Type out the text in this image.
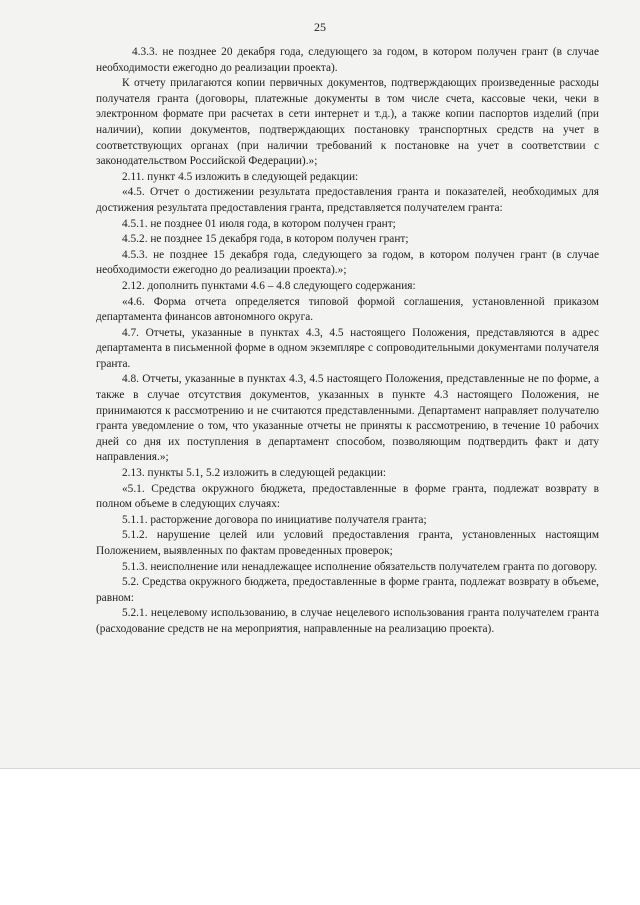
25

4.3.3. не позднее 20 декабря года, следующего за годом, в котором получен грант (в случае необходимости ежегодно до реализации проекта).

К отчету прилагаются копии первичных документов, подтверждающих произведенные расходы получателя гранта (договоры, платежные документы в том числе счета, кассовые чеки, чеки в электронном формате при расчетах в сети интернет и т.д.), а также копии паспортов изделий (при наличии), копии документов, подтверждающих постановку транспортных средств на учет в соответствующих органах (при наличии требований к постановке на учет в соответствии с законодательством Российской Федерации).»;

2.11. пункт 4.5 изложить в следующей редакции:

«4.5. Отчет о достижении результата предоставления гранта и показателей, необходимых для достижения результата предоставления гранта, представляется получателем гранта:

4.5.1. не позднее 01 июля года, в котором получен грант;

4.5.2. не позднее 15 декабря года, в котором получен грант;

4.5.3. не позднее 15 декабря года, следующего за годом, в котором получен грант (в случае необходимости ежегодно до реализации проекта).»;

2.12. дополнить пунктами 4.6 – 4.8 следующего содержания:

«4.6. Форма отчета определяется типовой формой соглашения, установленной приказом департамента финансов автономного округа.

4.7. Отчеты, указанные в пунктах 4.3, 4.5 настоящего Положения, представляются в адрес департамента в письменной форме в одном экземпляре с сопроводительными документами получателя гранта.

4.8. Отчеты, указанные в пунктах 4.3, 4.5 настоящего Положения, представленные не по форме, а также в случае отсутствия документов, указанных в пункте 4.3 настоящего Положения, не принимаются к рассмотрению и не считаются представленными. Департамент направляет получателю гранта уведомление о том, что указанные отчеты не приняты к рассмотрению, в течение 10 рабочих дней со дня их поступления в департамент способом, позволяющим подтвердить факт и дату направления.»;

2.13. пункты 5.1, 5.2 изложить в следующей редакции:

«5.1. Средства окружного бюджета, предоставленные в форме гранта, подлежат возврату в полном объеме в следующих случаях:

5.1.1. расторжение договора по инициативе получателя гранта;

5.1.2. нарушение целей или условий предоставления гранта, установленных настоящим Положением, выявленных по фактам проведенных проверок;

5.1.3. неисполнение или ненадлежащее исполнение обязательств получателем гранта по договору.

5.2. Средства окружного бюджета, предоставленные в форме гранта, подлежат возврату в объеме, равном:

5.2.1. нецелевому использованию, в случае нецелевого использования гранта получателем гранта (расходование средств не на мероприятия, направленные на реализацию проекта).
